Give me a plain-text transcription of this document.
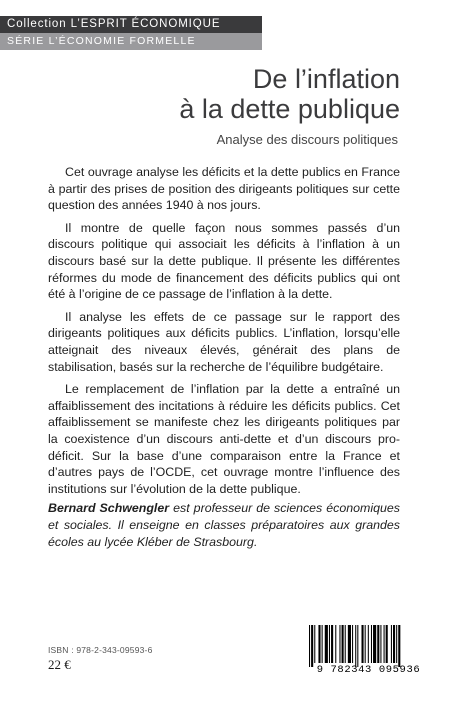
Collection L’ESPRIT ÉCONOMIQUE
SÉRIE L’ÉCONOMIE FORMELLE
De l’inflation
à la dette publique
Analyse des discours politiques

Cet ouvrage analyse les déficits et la dette publics en France à partir des prises de position des dirigeants politiques sur cette question des années 1940 à nos jours.

Il montre de quelle façon nous sommes passés d’un discours politique qui associait les déficits à l’inflation à un discours basé sur la dette publique. Il présente les différentes réformes du mode de financement des déficits publics qui ont été à l’origine de ce passage de l’inflation à la dette.

Il analyse les effets de ce passage sur le rapport des dirigeants politiques aux déficits publics. L’inflation, lorsqu’elle atteignait des niveaux élevés, générait des plans de stabilisation, basés sur la recherche de l’équilibre budgétaire.

Le remplacement de l’inflation par la dette a entraîné un affaiblissement des incitations à réduire les déficits publics. Cet affaiblissement se manifeste chez les dirigeants politiques par la coexistence d’un discours anti-dette et d’un discours pro-déficit. Sur la base d’une comparaison entre la France et d’autres pays de l’OCDE, cet ouvrage montre l’influence des institutions sur l’évolution de la dette publique.

Bernard Schwengler est professeur de sciences économiques et sociales. Il enseigne en classes préparatoires aux grandes écoles au lycée Kléber de Strasbourg.
ISBN : 978-2-343-09593-6
22 €	9 782343 095936
